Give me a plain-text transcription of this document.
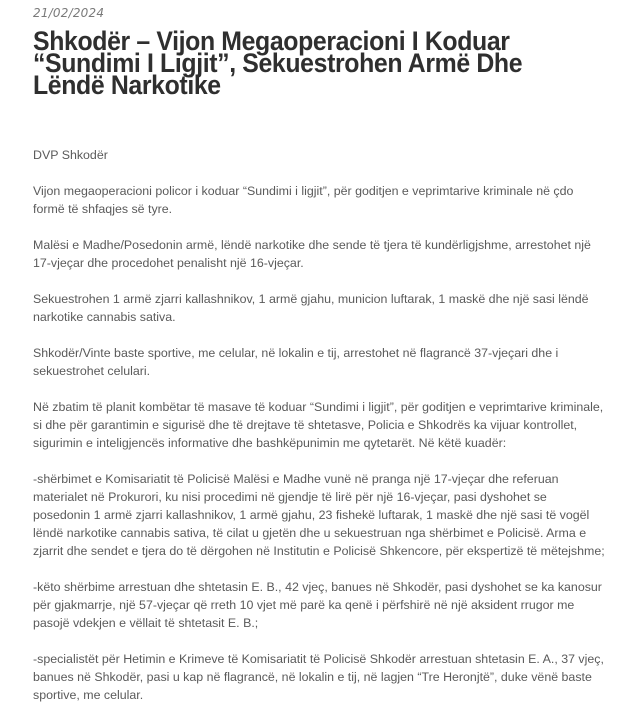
21/02/2024
Shkodër – Vijon Megaoperacioni I Koduar “Sundimi I Ligjit”, Sekuestrohen Armë Dhe Lëndë Narkotike

DVP Shkodër

Vijon megaoperacioni policor i koduar “Sundimi i ligjit”, për goditjen e veprimtarive kriminale në çdo formë të shfaqjes së tyre.

Malësi e Madhe/Posedonin armë, lëndë narkotike dhe sende të tjera të kundërligjshme, arrestohet një 17-vjeçar dhe procedohet penalisht një 16-vjeçar.

Sekuestrohen 1 armë zjarri kallashnikov, 1 armë gjahu, municion luftarak, 1 maskë dhe një sasi lëndë narkotike cannabis sativa.

Shkodër/Vinte baste sportive, me celular, në lokalin e tij, arrestohet në flagrancë 37-vjeçari dhe i sekuestrohet celulari.

Në zbatim të planit kombëtar të masave të koduar “Sundimi i ligjit”, për goditjen e veprimtarive kriminale, si dhe për garantimin e sigurisë dhe të drejtave të shtetasve, Policia e Shkodrës ka vijuar kontrollet, sigurimin e inteligjencës informative dhe bashkëpunimin me qytetarët. Në këtë kuadër:

-shërbimet e Komisariatit të Policisë Malësi e Madhe vunë në pranga një 17-vjeçar dhe referuan materialet në Prokurori, ku nisi procedimi në gjendje të lirë për një 16-vjeçar, pasi dyshohet se posedonin 1 armë zjarri kallashnikov, 1 armë gjahu, 23 fishekë luftarak, 1 maskë dhe një sasi të vogël lëndë narkotike cannabis sativa, të cilat u gjetën dhe u sekuestruan nga shërbimet e Policisë. Arma e zjarrit dhe sendet e tjera do të dërgohen në Institutin e Policisë Shkencore, për ekspertizë të mëtejshme;

-këto shërbime arrestuan dhe shtetasin E. B., 42 vjeç, banues në Shkodër, pasi dyshohet se ka kanosur për gjakmarrje, një 57-vjeçar që rreth 10 vjet më parë ka qenë i përfshirë në një aksident rrugor me pasojë vdekjen e vëllait të shtetasit E. B.;

-specialistët për Hetimin e Krimeve të Komisariatit të Policisë Shkodër arrestuan shtetasin E. A., 37 vjeç, banues në Shkodër, pasi u kap në flagrancë, në lokalin e tij, në lagjen “Tre Heronjtë”, duke vënë baste sportive, me celular.
